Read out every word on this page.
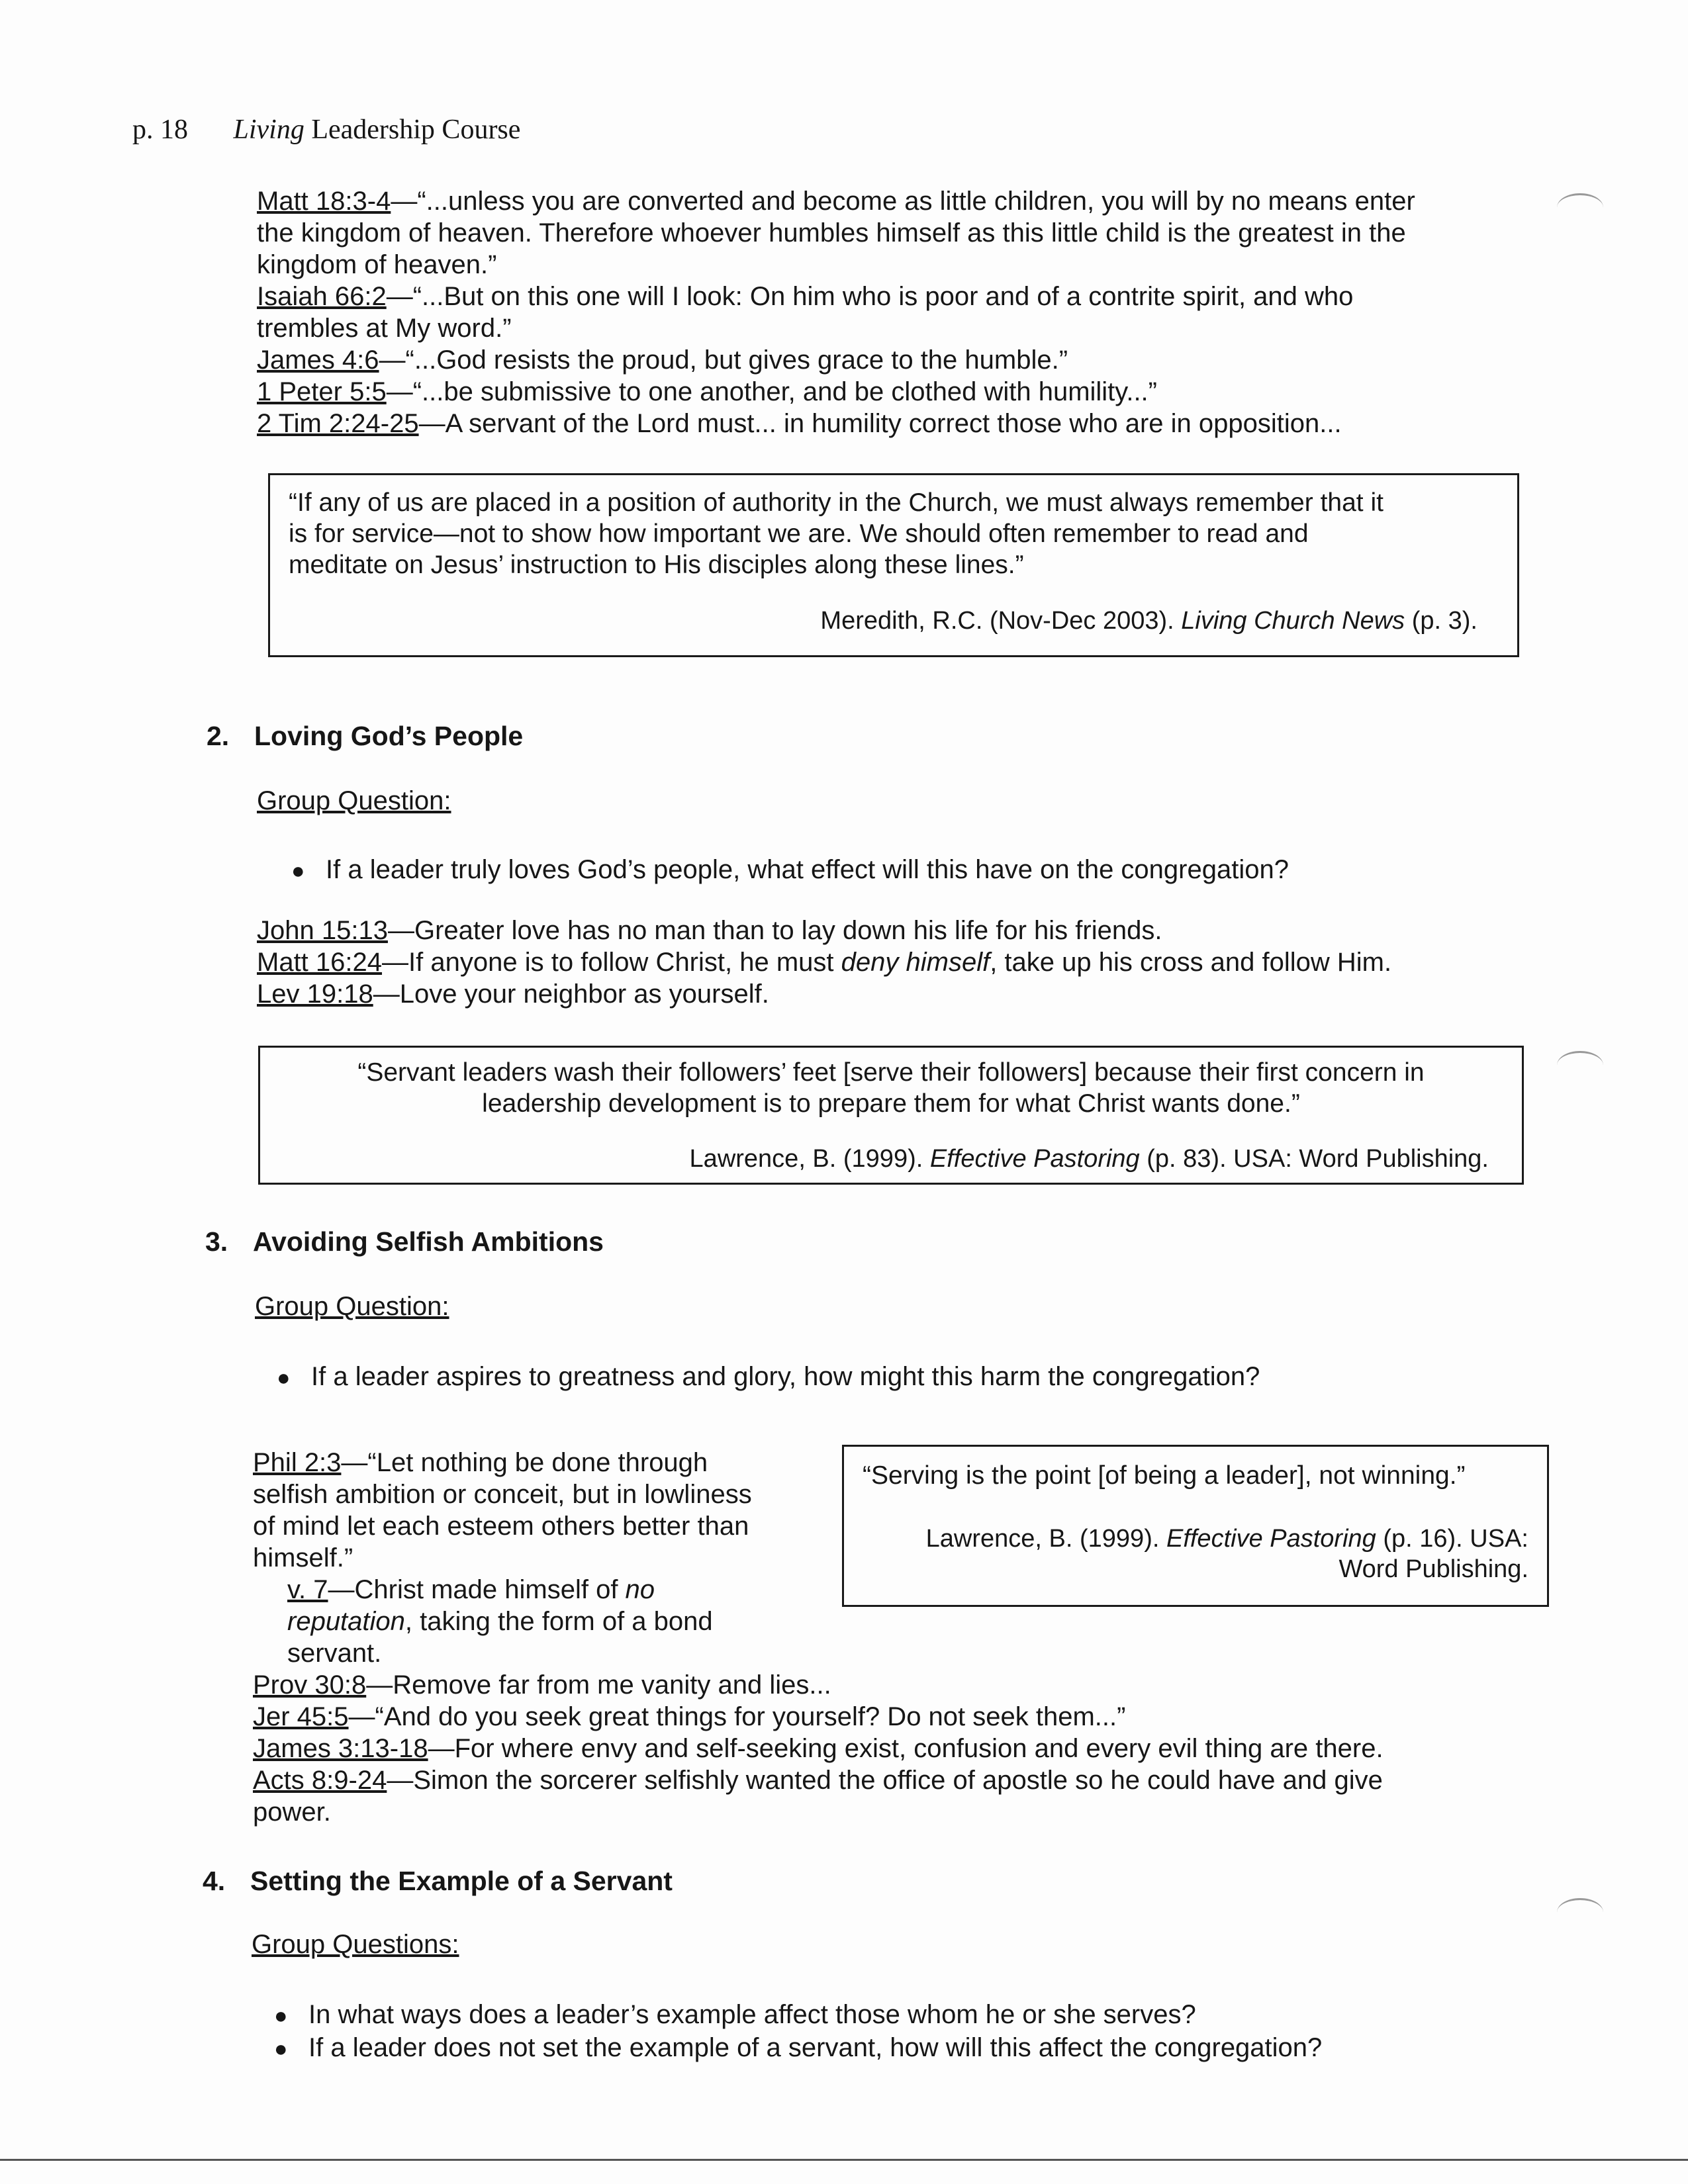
p. 18 Living Leadership Course
Matt 18:3-4—“...unless you are converted and become as little children, you will by no means enter
the kingdom of heaven. Therefore whoever humbles himself as this little child is the greatest in the
kingdom of heaven.”
Isaiah 66:2—“...But on this one will I look: On him who is poor and of a contrite spirit, and who
trembles at My word.”
James 4:6—“...God resists the proud, but gives grace to the humble.”
1 Peter 5:5—“...be submissive to one another, and be clothed with humility...”
2 Tim 2:24-25—A servant of the Lord must... in humility correct those who are in opposition...
“If any of us are placed in a position of authority in the Church, we must always remember that it
is for service—not to show how important we are. We should often remember to read and
meditate on Jesus’ instruction to His disciples along these lines.”
Meredith, R.C. (Nov-Dec 2003). Living Church News (p. 3).
2. Loving God’s People
Group Question:
● If a leader truly loves God’s people, what effect will this have on the congregation?
John 15:13—Greater love has no man than to lay down his life for his friends.
Matt 16:24—If anyone is to follow Christ, he must deny himself, take up his cross and follow Him.
Lev 19:18—Love your neighbor as yourself.
“Servant leaders wash their followers’ feet [serve their followers] because their first concern in
leadership development is to prepare them for what Christ wants done.”
Lawrence, B. (1999). Effective Pastoring (p. 83). USA: Word Publishing.
3. Avoiding Selfish Ambitions
Group Question:
● If a leader aspires to greatness and glory, how might this harm the congregation?
Phil 2:3—“Let nothing be done through
selfish ambition or conceit, but in lowliness
of mind let each esteem others better than
himself.”
v. 7—Christ made himself of no
reputation, taking the form of a bond
servant.
Prov 30:8—Remove far from me vanity and lies...
Jer 45:5—“And do you seek great things for yourself? Do not seek them...”
James 3:13-18—For where envy and self-seeking exist, confusion and every evil thing are there.
Acts 8:9-24—Simon the sorcerer selfishly wanted the office of apostle so he could have and give
power.
“Serving is the point [of being a leader], not winning.”
Lawrence, B. (1999). Effective Pastoring (p. 16). USA:
Word Publishing.
4. Setting the Example of a Servant
Group Questions:
● In what ways does a leader’s example affect those whom he or she serves?
● If a leader does not set the example of a servant, how will this affect the congregation?
